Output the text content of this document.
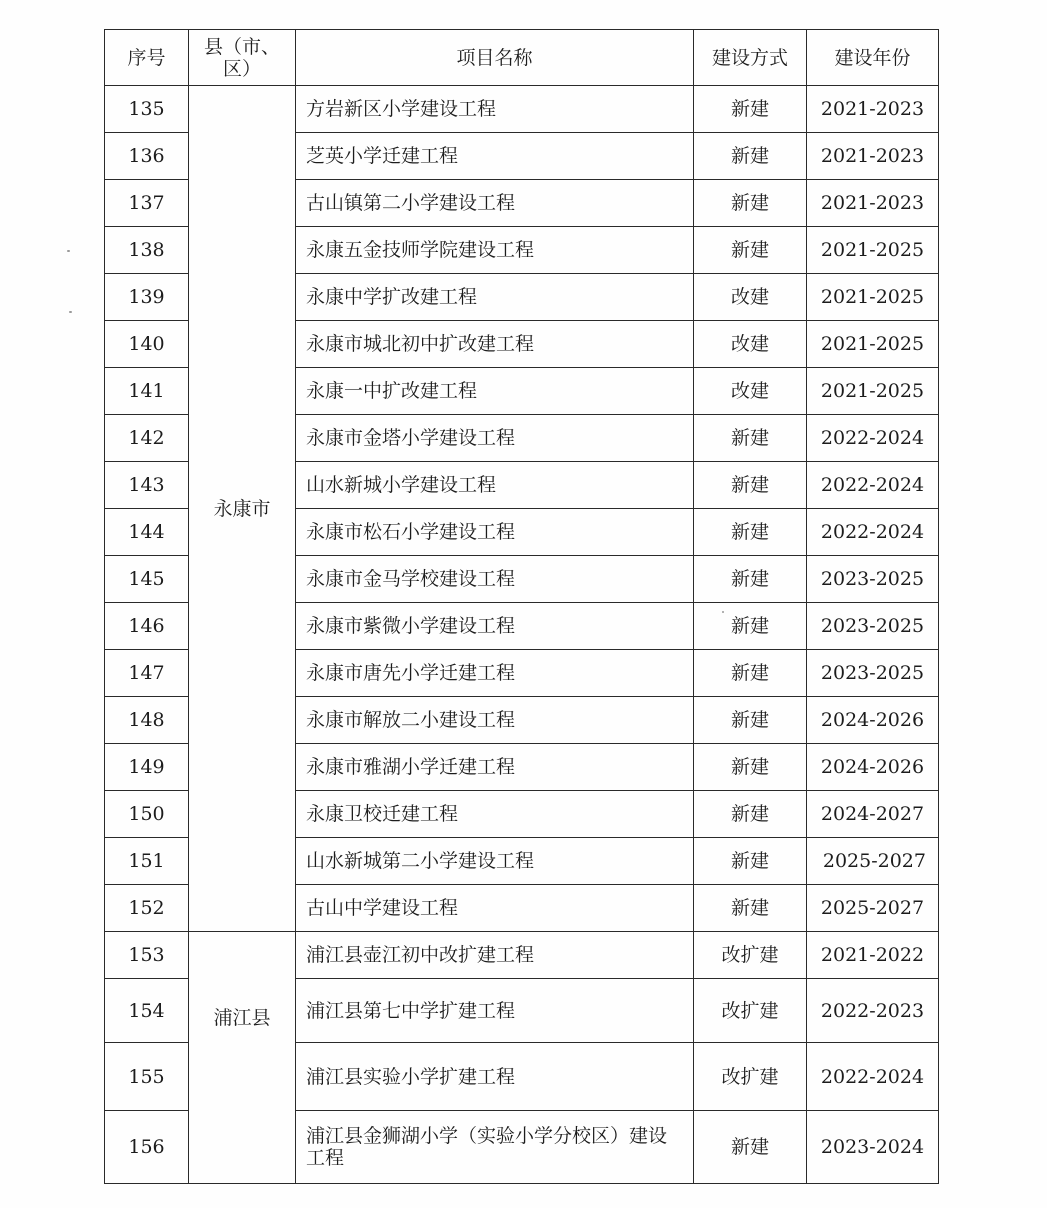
序号	县（市、区）	项目名称	建设方式	建设年份
135	永康市	方岩新区小学建设工程	新建	2021-2023
136		芝英小学迁建工程	新建	2021-2023
137		古山镇第二小学建设工程	新建	2021-2023
138		永康五金技师学院建设工程	新建	2021-2025
139		永康中学扩改建工程	改建	2021-2025
140		永康市城北初中扩改建工程	改建	2021-2025
141		永康一中扩改建工程	改建	2021-2025
142		永康市金塔小学建设工程	新建	2022-2024
143		山水新城小学建设工程	新建	2022-2024
144		永康市松石小学建设工程	新建	2022-2024
145		永康市金马学校建设工程	新建	2023-2025
146		永康市紫微小学建设工程	新建	2023-2025
147		永康市唐先小学迁建工程	新建	2023-2025
148		永康市解放二小建设工程	新建	2024-2026
149		永康市雅湖小学迁建工程	新建	2024-2026
150		永康卫校迁建工程	新建	2024-2027
151		山水新城第二小学建设工程	新建	2025-2027
152		古山中学建设工程	新建	2025-2027
153	浦江县	浦江县壶江初中改扩建工程	改扩建	2021-2022
154		浦江县第七中学扩建工程	改扩建	2022-2023
155		浦江县实验小学扩建工程	改扩建	2022-2024
156		浦江县金狮湖小学（实验小学分校区）建设工程	新建	2023-2024
